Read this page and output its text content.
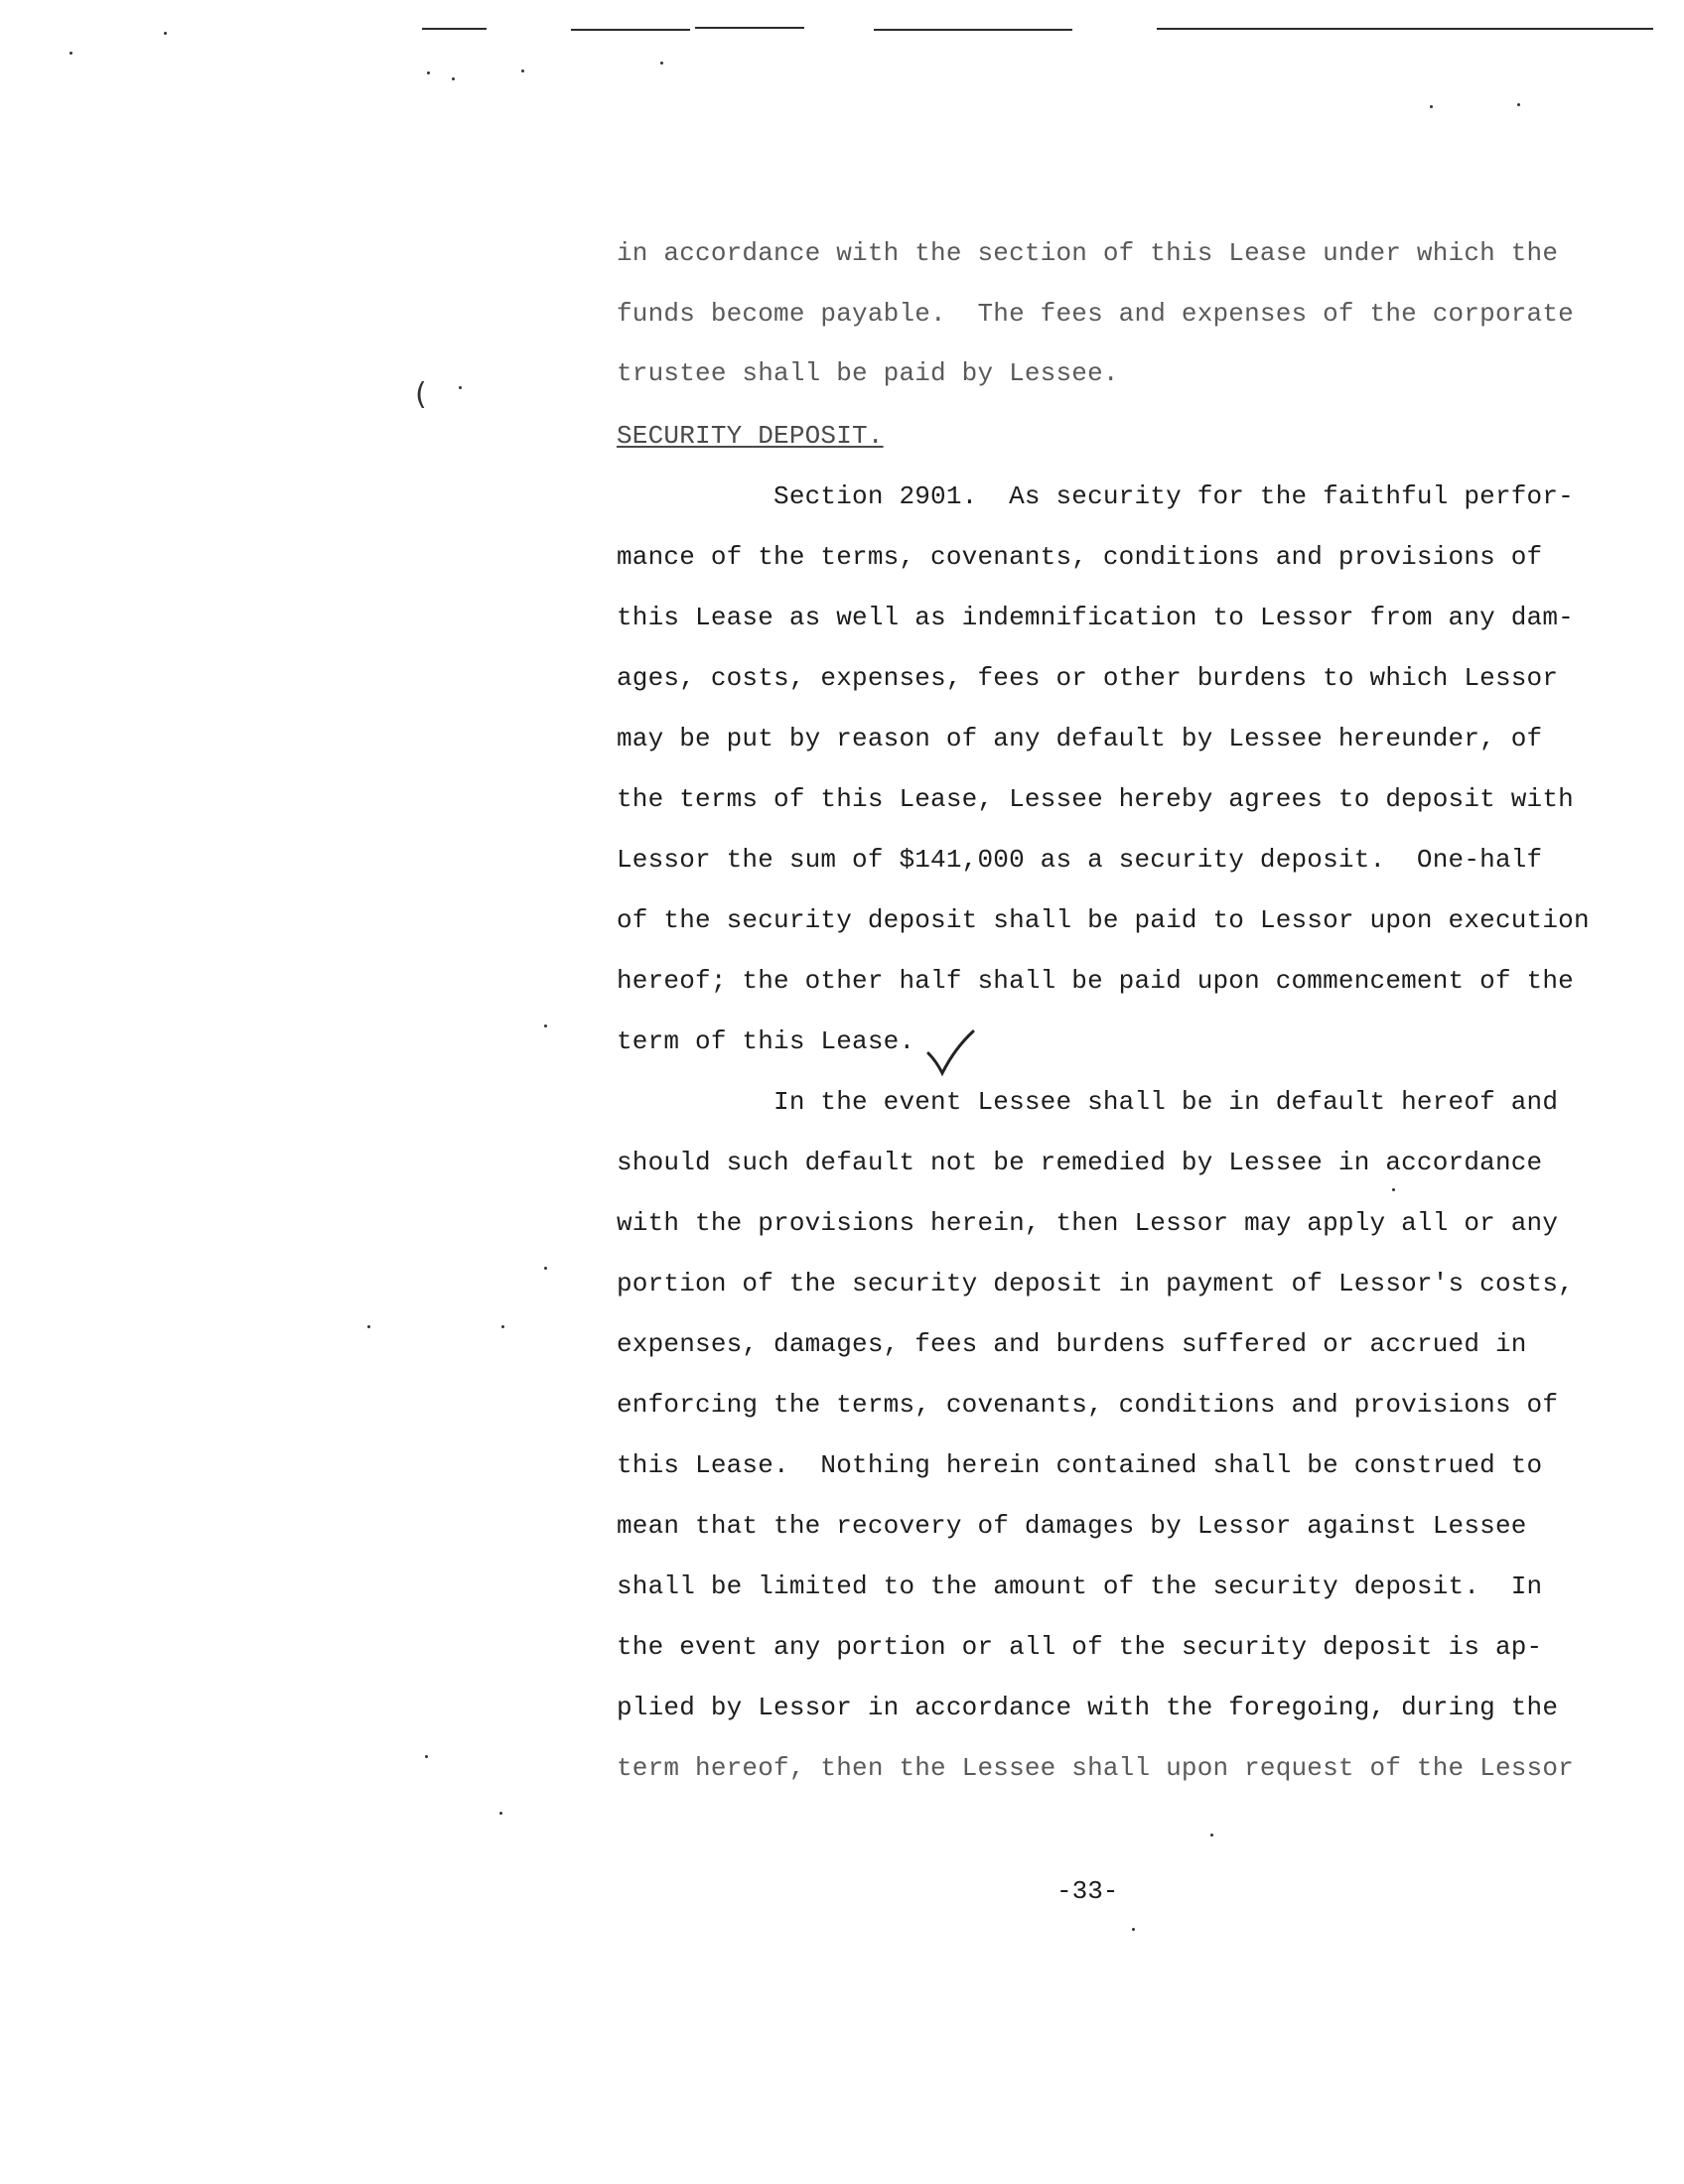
(
in accordance with the section of this Lease under which the
funds become payable.  The fees and expenses of the corporate
trustee shall be paid by Lessee.
SECURITY DEPOSIT.
Section 2901.  As security for the faithful perfor-
mance of the terms, covenants, conditions and provisions of
this Lease as well as indemnification to Lessor from any dam-
ages, costs, expenses, fees or other burdens to which Lessor
may be put by reason of any default by Lessee hereunder, of
the terms of this Lease, Lessee hereby agrees to deposit with
Lessor the sum of $141,000 as a security deposit.  One-half
of the security deposit shall be paid to Lessor upon execution
hereof; the other half shall be paid upon commencement of the
term of this Lease.
In the event Lessee shall be in default hereof and
should such default not be remedied by Lessee in accordance
with the provisions herein, then Lessor may apply all or any
portion of the security deposit in payment of Lessor's costs,
expenses, damages, fees and burdens suffered or accrued in
enforcing the terms, covenants, conditions and provisions of
this Lease.  Nothing herein contained shall be construed to
mean that the recovery of damages by Lessor against Lessee
shall be limited to the amount of the security deposit.  In
the event any portion or all of the security deposit is ap-
plied by Lessor in accordance with the foregoing, during the
term hereof, then the Lessee shall upon request of the Lessor
-33-
